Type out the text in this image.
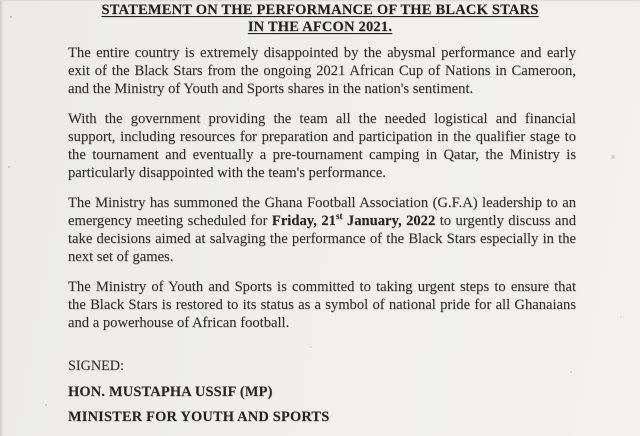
STATEMENT ON THE PERFORMANCE OF THE BLACK STARS
IN THE AFCON 2021.

The entire country is extremely disappointed by the abysmal performance and early exit of the Black Stars from the ongoing 2021 African Cup of Nations in Cameroon, and the Ministry of Youth and Sports shares in the nation's sentiment.

With the government providing the team all the needed logistical and financial support, including resources for preparation and participation in the qualifier stage to the tournament and eventually a pre-tournament camping in Qatar, the Ministry is particularly disappointed with the team's performance.

The Ministry has summoned the Ghana Football Association (G.F.A) leadership to an emergency meeting scheduled for Friday, 21st January, 2022 to urgently discuss and take decisions aimed at salvaging the performance of the Black Stars especially in the next set of games.

The Ministry of Youth and Sports is committed to taking urgent steps to ensure that the Black Stars is restored to its status as a symbol of national pride for all Ghanaians and a powerhouse of African football.

SIGNED:
HON. MUSTAPHA USSIF (MP)
MINISTER FOR YOUTH AND SPORTS
